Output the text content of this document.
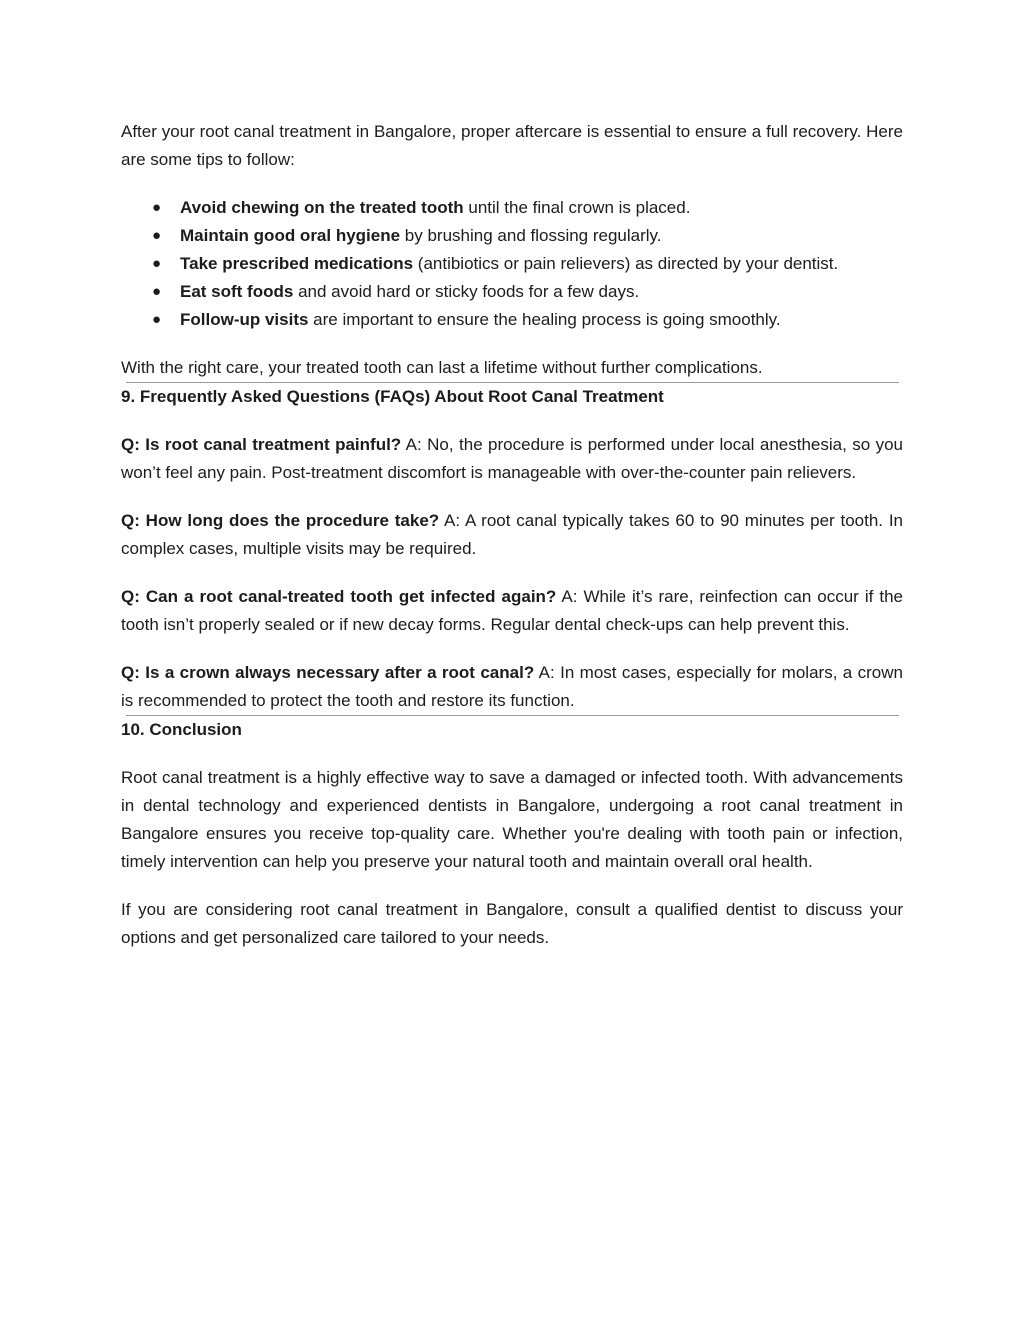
After your root canal treatment in Bangalore, proper aftercare is essential to ensure a full recovery. Here are some tips to follow:

● Avoid chewing on the treated tooth until the final crown is placed.
● Maintain good oral hygiene by brushing and flossing regularly.
● Take prescribed medications (antibiotics or pain relievers) as directed by your dentist.
● Eat soft foods and avoid hard or sticky foods for a few days.
● Follow-up visits are important to ensure the healing process is going smoothly.

With the right care, your treated tooth can last a lifetime without further complications.

9. Frequently Asked Questions (FAQs) About Root Canal Treatment

Q: Is root canal treatment painful? A: No, the procedure is performed under local anesthesia, so you won’t feel any pain. Post-treatment discomfort is manageable with over-the-counter pain relievers.

Q: How long does the procedure take? A: A root canal typically takes 60 to 90 minutes per tooth. In complex cases, multiple visits may be required.

Q: Can a root canal-treated tooth get infected again? A: While it’s rare, reinfection can occur if the tooth isn’t properly sealed or if new decay forms. Regular dental check-ups can help prevent this.

Q: Is a crown always necessary after a root canal? A: In most cases, especially for molars, a crown is recommended to protect the tooth and restore its function.

10. Conclusion

Root canal treatment is a highly effective way to save a damaged or infected tooth. With advancements in dental technology and experienced dentists in Bangalore, undergoing a root canal treatment in Bangalore ensures you receive top-quality care. Whether you're dealing with tooth pain or infection, timely intervention can help you preserve your natural tooth and maintain overall oral health.

If you are considering root canal treatment in Bangalore, consult a qualified dentist to discuss your options and get personalized care tailored to your needs.
